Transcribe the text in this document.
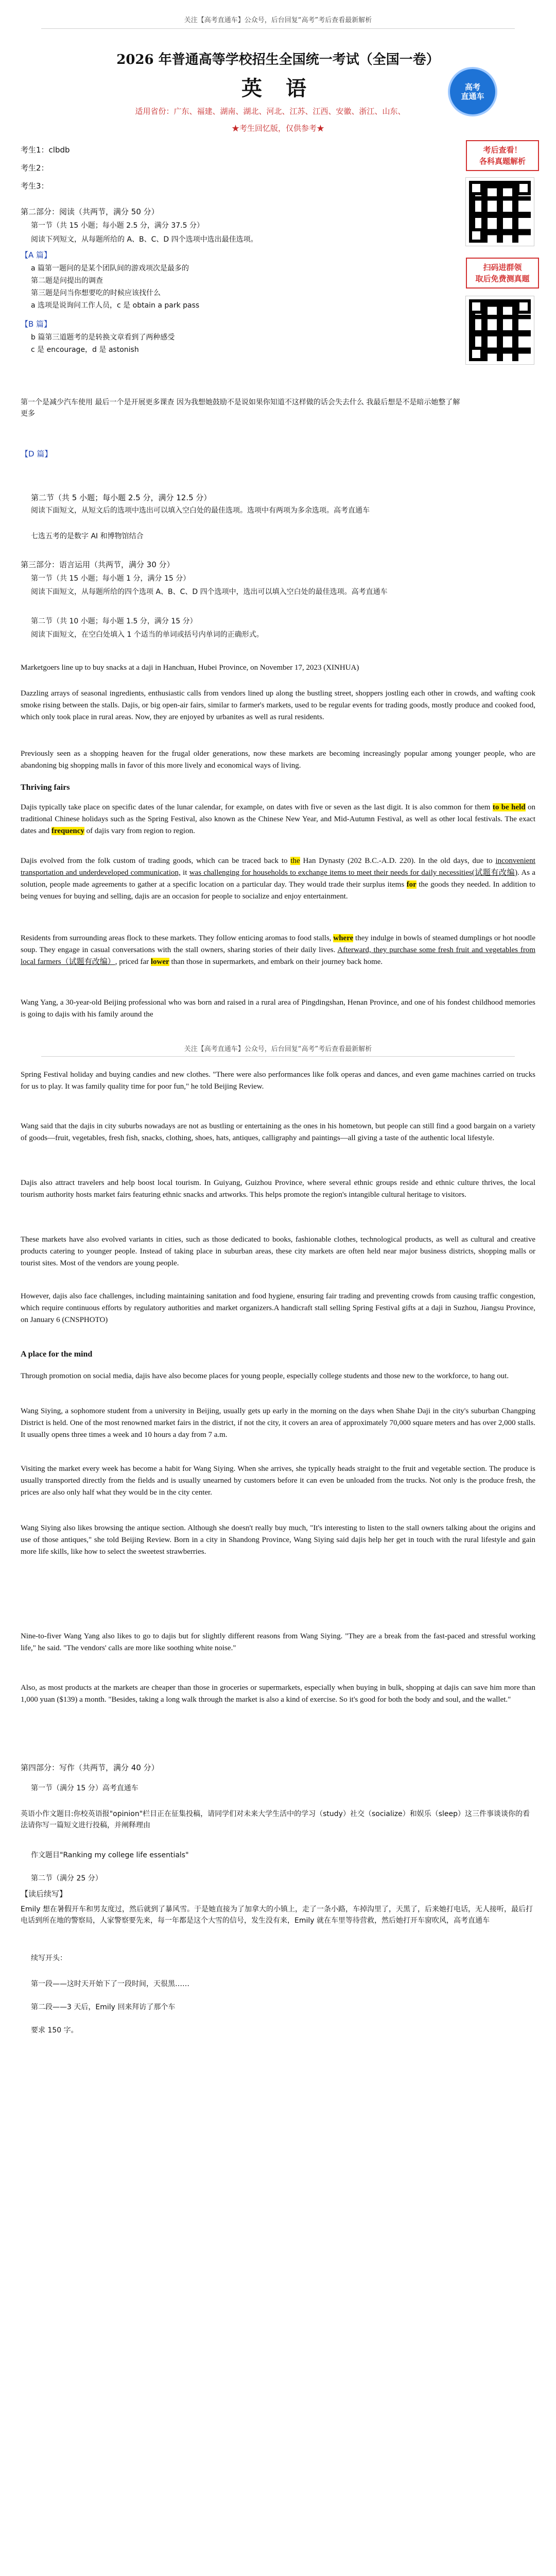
关注【高考直通车】公众号，后台回复“高考”考后查看最新解析
2026 年普通高等学校招生全国统一考试（全国一卷）
英 语
适用省份：广东、福建、湖南、湖北、河北、江苏、江西、安徽、浙江、山东、
★考生回忆版，仅供参考★
高考
直通车
考后查看！
各科真题解析
扫码进群领
取后免费测真题
考生1：clbdb
考生2：
考生3：
第二部分：阅读（共两节，满分 50 分）
第一节（共 15 小题；每小题 2.5 分，满分 37.5 分）
阅读下列短文，从每题所给的 A、B、C、D 四个选项中选出最佳选项。
【A 篇】
a 篇第一题问的是某个团队间的游戏项次是最多的
第二题是问提出的调查
第三题是问当你想要吃的时候应该找什么
a 选项是说询问工作人员，c 是 obtain a park pass
【B 篇】
b 篇第三道题考的是转换文章看到了两种感受
c 是 encourage，d 是 astonish
第一个是减少汽车使用 最后一个是开展更多课查 因为我想她鼓励不是说如果你知道不这样做的话会失去什么 我最后想是不是暗示她整了解更多
【D 篇】
第二节（共 5 小题；每小题 2.5 分，满分 12.5 分）
阅读下面短文，从短文后的选项中选出可以填入空白处的最佳选项。选项中有两项为多余选项。高考直通车
七选五考的是数字 AI 和博物馆结合
第三部分：语言运用（共两节，满分 30 分）
第一节（共 15 小题；每小题 1 分，满分 15 分）
阅读下面短文，从每题所给的四个选项 A、B、C、D 四个选项中，选出可以填入空白处的最佳选项。高考直通车
第二节（共 10 小题；每小题 1.5 分，满分 15 分）
阅读下面短文，在空白处填入 1 个适当的单词或括号内单词的正确形式。
Marketgoers line up to buy snacks at a daji in Hanchuan, Hubei Province, on November 17, 2023 (XINHUA)
Dazzling arrays of seasonal ingredients, enthusiastic calls from vendors lined up along the bustling street, shoppers jostling each other in crowds, and wafting cook smoke rising between the stalls. Dajis, or big open-air fairs, similar to farmer's markets, used to be regular events for trading goods, mostly produce and cooked food, which only took place in rural areas. Now, they are enjoyed by urbanites as well as rural residents.
Previously seen as a shopping heaven for the frugal older generations, now these markets are becoming increasingly popular among younger people, who are abandoning big shopping malls in favor of this more lively and economical ways of living.
Thriving fairs
Dajis typically take place on specific dates of the lunar calendar, for example, on dates with five or seven as the last digit. It is also common for them to be held on traditional Chinese holidays such as the Spring Festival, also known as the Chinese New Year, and Mid-Autumn Festival, as well as other local festivals. The exact dates and frequency of dajis vary from region to region.
Dajis evolved from the folk custom of trading goods, which can be traced back to the Han Dynasty (202 B.C.-A.D. 220). In the old days, due to inconvenient transportation and underdeveloped communication, it was challenging for households to exchange items to meet their needs for daily necessities(试题有改编). As a solution, people made agreements to gather at a specific location on a particular day. They would trade their surplus items for the goods they needed. In addition to being venues for buying and selling, dajis are an occasion for people to socialize and enjoy entertainment.
Residents from surrounding areas flock to these markets. They follow enticing aromas to food stalls, where they indulge in bowls of steamed dumplings or hot noodle soup. They engage in casual conversations with the stall owners, sharing stories of their daily lives. Afterward, they purchase some fresh fruit and vegetables from local farmers（试题有改编）, priced far lower than those in supermarkets, and embark on their journey back home.
Wang Yang, a 30-year-old Beijing professional who was born and raised in a rural area of Pingdingshan, Henan Province, and one of his fondest childhood memories is going to dajis with his family around the
关注【高考直通车】公众号，后台回复“高考”考后查看最新解析
Spring Festival holiday and buying candies and new clothes. "There were also performances like folk operas and dances, and even game machines carried on trucks for us to play. It was family quality time for poor fun," he told Beijing Review.
Wang said that the dajis in city suburbs nowadays are not as bustling or entertaining as the ones in his hometown, but people can still find a good bargain on a variety of goods—fruit, vegetables, fresh fish, snacks, clothing, shoes, hats, antiques, calligraphy and paintings—all giving a taste of the authentic local lifestyle.
Dajis also attract travelers and help boost local tourism. In Guiyang, Guizhou Province, where several ethnic groups reside and ethnic culture thrives, the local tourism authority hosts market fairs featuring ethnic snacks and artworks. This helps promote the region's intangible cultural heritage to visitors.
These markets have also evolved variants in cities, such as those dedicated to books, fashionable clothes, technological products, as well as cultural and creative products catering to younger people. Instead of taking place in suburban areas, these city markets are often held near major business districts, shopping malls or tourist sites. Most of the vendors are young people.
However, dajis also face challenges, including maintaining sanitation and food hygiene, ensuring fair trading and preventing crowds from causing traffic congestion, which require continuous efforts by regulatory authorities and market organizers.A handicraft stall selling Spring Festival gifts at a daji in Suzhou, Jiangsu Province, on January 6 (CNSPHOTO)
A place for the mind
Through promotion on social media, dajis have also become places for young people, especially college students and those new to the workforce, to hang out.
Wang Siying, a sophomore student from a university in Beijing, usually gets up early in the morning on the days when Shahe Daji in the city's suburban Changping District is held. One of the most renowned market fairs in the district, if not the city, it covers an area of approximately 70,000 square meters and has over 2,000 stalls. It usually opens three times a week and 10 hours a day from 7 a.m.
Visiting the market every week has become a habit for Wang Siying. When she arrives, she typically heads straight to the fruit and vegetable section. The produce is usually transported directly from the fields and is usually unearned by customers before it can even be unloaded from the trucks. Not only is the produce fresh, the prices are also only half what they would be in the city center.
Wang Siying also likes browsing the antique section. Although she doesn't really buy much, "It's interesting to listen to the stall owners talking about the origins and use of those antiques," she told Beijing Review. Born in a city in Shandong Province, Wang Siying said dajis help her get in touch with the rural lifestyle and gain more life skills, like how to select the sweetest strawberries.
Nine-to-fiver Wang Yang also likes to go to dajis but for slightly different reasons from Wang Siying. "They are a break from the fast-paced and stressful working life," he said. "The vendors' calls are more like soothing white noise."
Also, as most products at the markets are cheaper than those in groceries or supermarkets, especially when buying in bulk, shopping at dajis can save him more than 1,000 yuan ($139) a month. "Besides, taking a long walk through the market is also a kind of exercise. So it's good for both the body and soul, and the wallet."
第四部分：写作（共两节，满分 40 分）
第一节（满分 15 分）高考直通车
英语小作文题目:你校英语报"opinion"栏目正在征集投稿，请同学们对未来大学生活中的学习（study）社交（socialize）和娱乐（sleep）这三件事谈谈你的看法请你写一篇短文进行投稿，并阐释理由
作文题目"Ranking my college life essentials"
第二节（满分 25 分）
【读后续写】
Emily 想在暑假开车和男友度过，然后就到了暴风雪。于是她直接为了加拿大的小镇上，走了一条小路，车掉沟里了，天黑了，后来她打电话，无人接听，最后打电话到所在地的警察局，人家警察要先来，每一年都是这个大雪的信号，发生没有来，Emily 就在车里等待营救，然后她打开车窗吹风，高考直通车
续写开头：
第一段——这时天开始下了一段时间，天很黑……
第二段——3 天后，Emily 回来拜访了那个车
要求 150 字。
